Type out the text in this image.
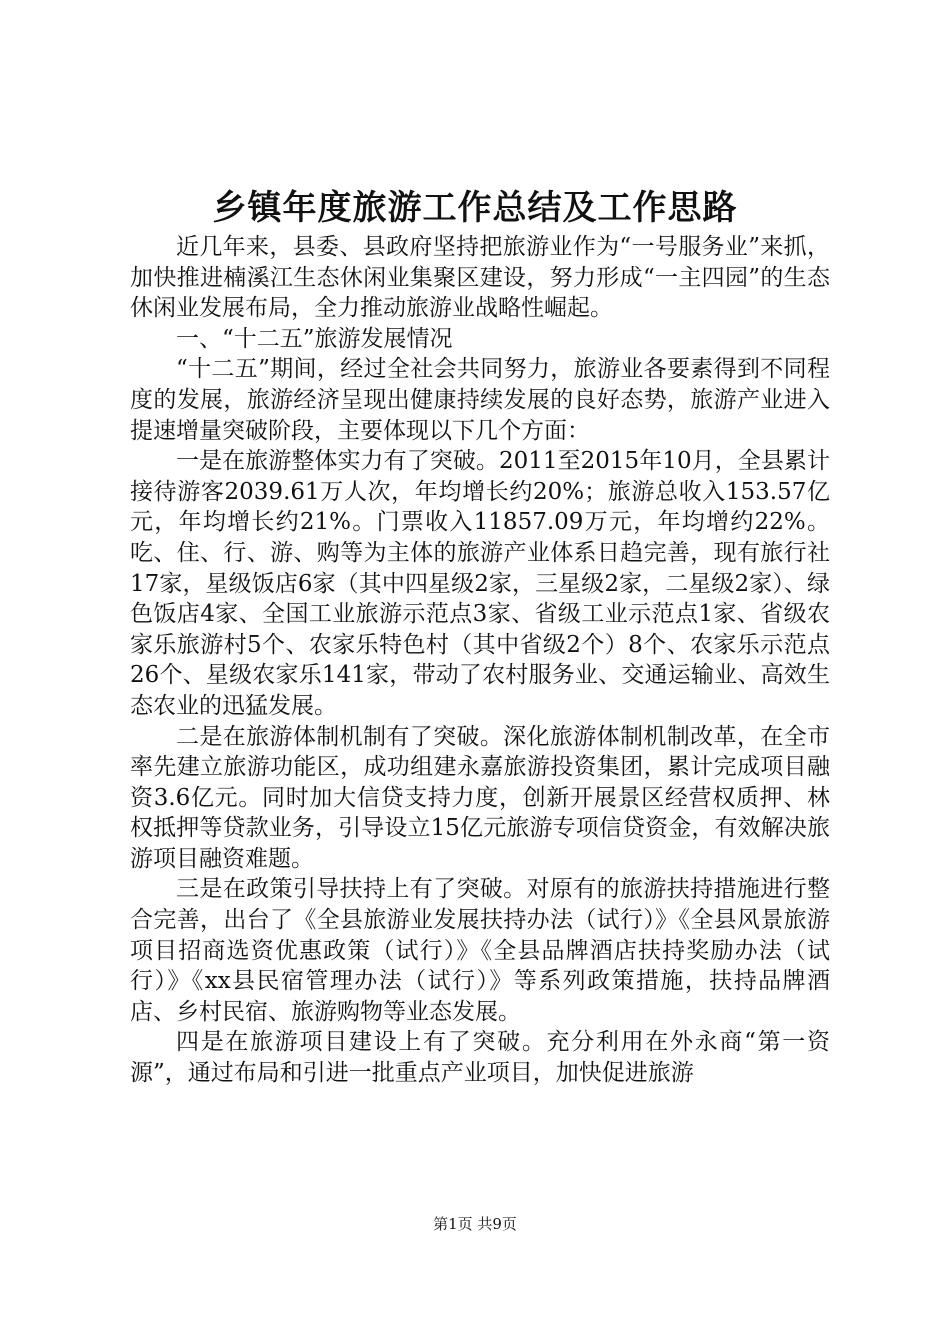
乡镇年度旅游工作总结及工作思路

近几年来，县委、县政府坚持把旅游业作为“一号服务业”来抓，加快推进楠溪江生态休闲业集聚区建设，努力形成“一主四园”的生态休闲业发展布局，全力推动旅游业战略性崛起。

一、“十二五”旅游发展情况

“十二五”期间，经过全社会共同努力，旅游业各要素得到不同程度的发展，旅游经济呈现出健康持续发展的良好态势，旅游产业进入提速增量突破阶段，主要体现以下几个方面：

一是在旅游整体实力有了突破。2011至2015年10月，全县累计接待游客2039.61万人次，年均增长约20%；旅游总收入153.57亿元，年均增长约21%。门票收入11857.09万元，年均增约22%。吃、住、行、游、购等为主体的旅游产业体系日趋完善，现有旅行社17家，星级饭店6家（其中四星级2家，三星级2家，二星级2家）、绿色饭店4家、全国工业旅游示范点3家、省级工业示范点1家、省级农家乐旅游村5个、农家乐特色村（其中省级2个）8个、农家乐示范点26个、星级农家乐141家，带动了农村服务业、交通运输业、高效生态农业的迅猛发展。

二是在旅游体制机制有了突破。深化旅游体制机制改革，在全市率先建立旅游功能区，成功组建永嘉旅游投资集团，累计完成项目融资3.6亿元。同时加大信贷支持力度，创新开展景区经营权质押、林权抵押等贷款业务，引导设立15亿元旅游专项信贷资金，有效解决旅游项目融资难题。

三是在政策引导扶持上有了突破。对原有的旅游扶持措施进行整合完善，出台了《全县旅游业发展扶持办法（试行）》《全县风景旅游项目招商选资优惠政策（试行）》《全县品牌酒店扶持奖励办法（试行）》《xx县民宿管理办法（试行）》等系列政策措施，扶持品牌酒店、乡村民宿、旅游购物等业态发展。

四是在旅游项目建设上有了突破。充分利用在外永商“第一资源”，通过布局和引进一批重点产业项目，加快促进旅游

第1页 共9页
